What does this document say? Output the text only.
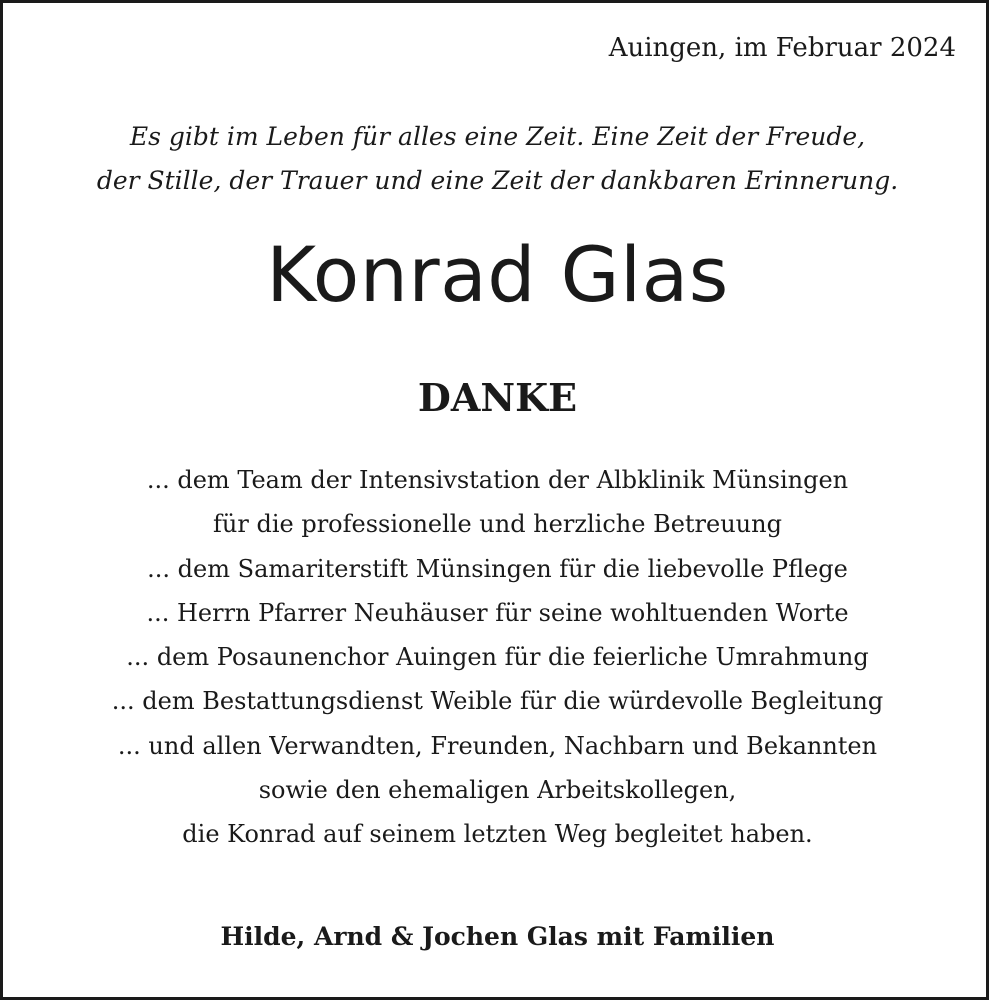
Auingen, im Februar 2024
Es gibt im Leben für alles eine Zeit. Eine Zeit der Freude,
der Stille, der Trauer und eine Zeit der dankbaren Erinnerung.
Konrad Glas
DANKE
... dem Team der Intensivstation der Albklinik Münsingen
für die professionelle und herzliche Betreuung
... dem Samariterstift Münsingen für die liebevolle Pflege
... Herrn Pfarrer Neuhäuser für seine wohltuenden Worte
... dem Posaunenchor Auingen für die feierliche Umrahmung
... dem Bestattungsdienst Weible für die würdevolle Begleitung
... und allen Verwandten, Freunden, Nachbarn und Bekannten
sowie den ehemaligen Arbeitskollegen,
die Konrad auf seinem letzten Weg begleitet haben.
Hilde, Arnd & Jochen Glas mit Familien
